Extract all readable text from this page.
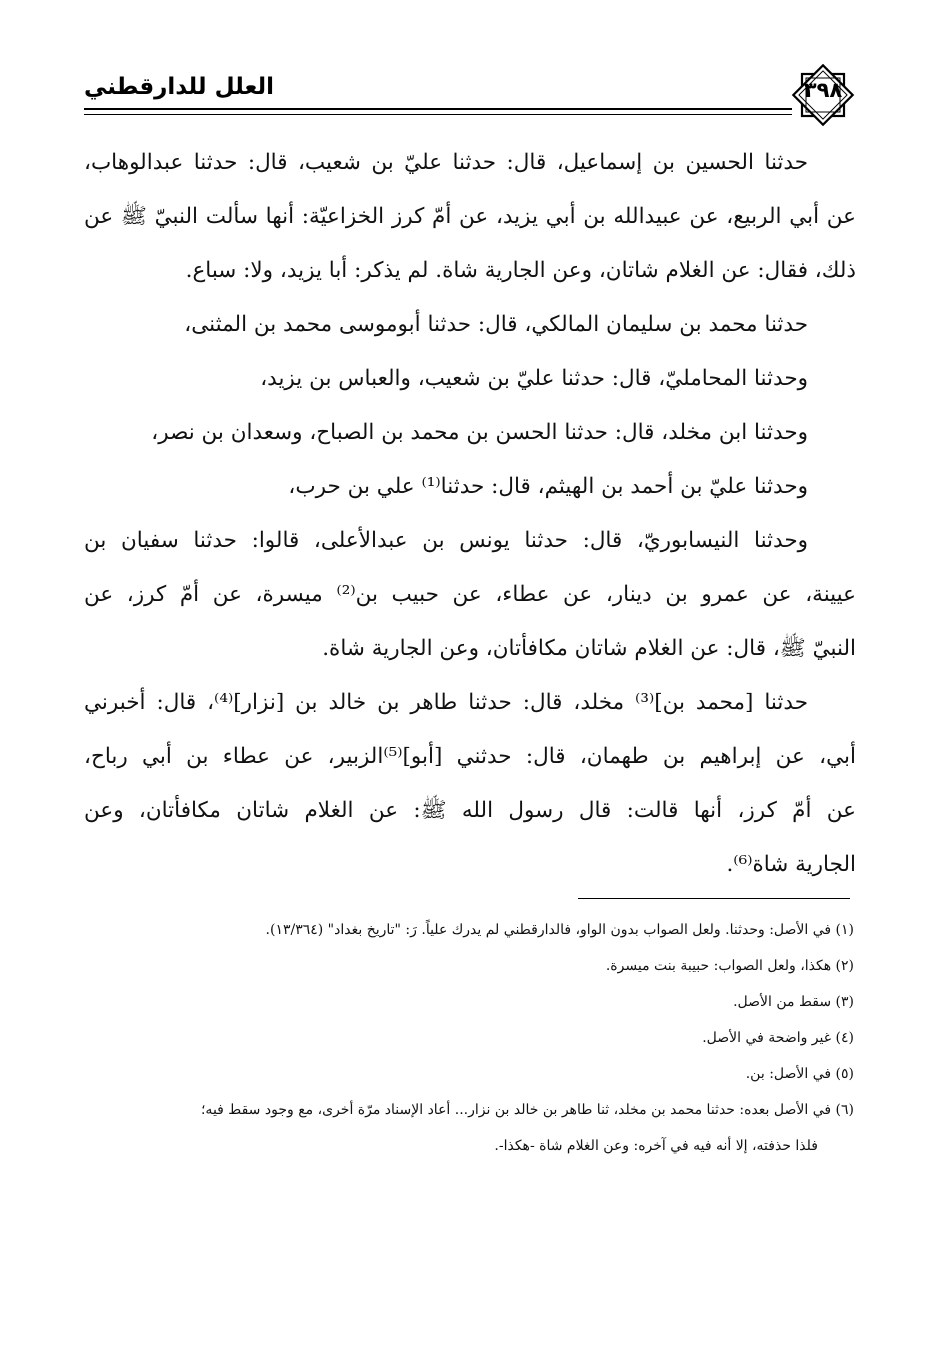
العلل للدارقطني	٣٩٨
حدثنا الحسين بن إسماعيل، قال: حدثنا عليّ بن شعيب، قال: حدثنا عبدالوهاب،
عن أبي الربيع، عن عبيدالله بن أبي يزيد، عن أمّ كرز الخزاعيّة: أنها سألت النبيّ ﷺ عن
ذلك، فقال: عن الغلام شاتان، وعن الجارية شاة. لم يذكر: أبا يزيد، ولا: سباع.
حدثنا محمد بن سليمان المالكي، قال: حدثنا أبوموسى محمد بن المثنى،
وحدثنا المحامليّ، قال: حدثنا عليّ بن شعيب، والعباس بن يزيد،
وحدثنا ابن مخلد، قال: حدثنا الحسن بن محمد بن الصباح، وسعدان بن نصر،
وحدثنا عليّ بن أحمد بن الهيثم، قال: حدثنا⁽¹⁾ علي بن حرب،
وحدثنا النيسابوريّ، قال: حدثنا يونس بن عبدالأعلى، قالوا: حدثنا سفيان بن
عيينة، عن عمرو بن دينار، عن عطاء، عن حبيب بن⁽²⁾ ميسرة، عن أمّ كرز، عن
النبيّ ﷺ، قال: عن الغلام شاتان مكافأتان، وعن الجارية شاة.
حدثنا [محمد بن]⁽³⁾ مخلد، قال: حدثنا طاهر بن خالد بن [نزار]⁽⁴⁾، قال: أخبرني
أبي، عن إبراهيم بن طهمان، قال: حدثني [أبو]⁽⁵⁾الزبير، عن عطاء بن أبي رباح،
عن أمّ كرز، أنها قالت: قال رسول الله ﷺ: عن الغلام شاتان مكافأتان، وعن
الجارية شاة⁽⁶⁾.
(١) في الأصل: وحدثنا. ولعل الصواب بدون الواو، فالدارقطني لم يدرك علياً. رَ: "تاريخ بغداد" (١٣/٣٦٤).
(٢) هكذا، ولعل الصواب: حبيبة بنت ميسرة.
(٣) سقط من الأصل.
(٤) غير واضحة في الأصل.
(٥) في الأصل: بن.
(٦) في الأصل بعده: حدثنا محمد بن مخلد، ثنا طاهر بن خالد بن نزار... أعاد الإسناد مرّة أخرى، مع وجود سقط فيه؛
فلذا حذفته، إلا أنه فيه في آخره: وعن الغلام شاة -هكذا-.
